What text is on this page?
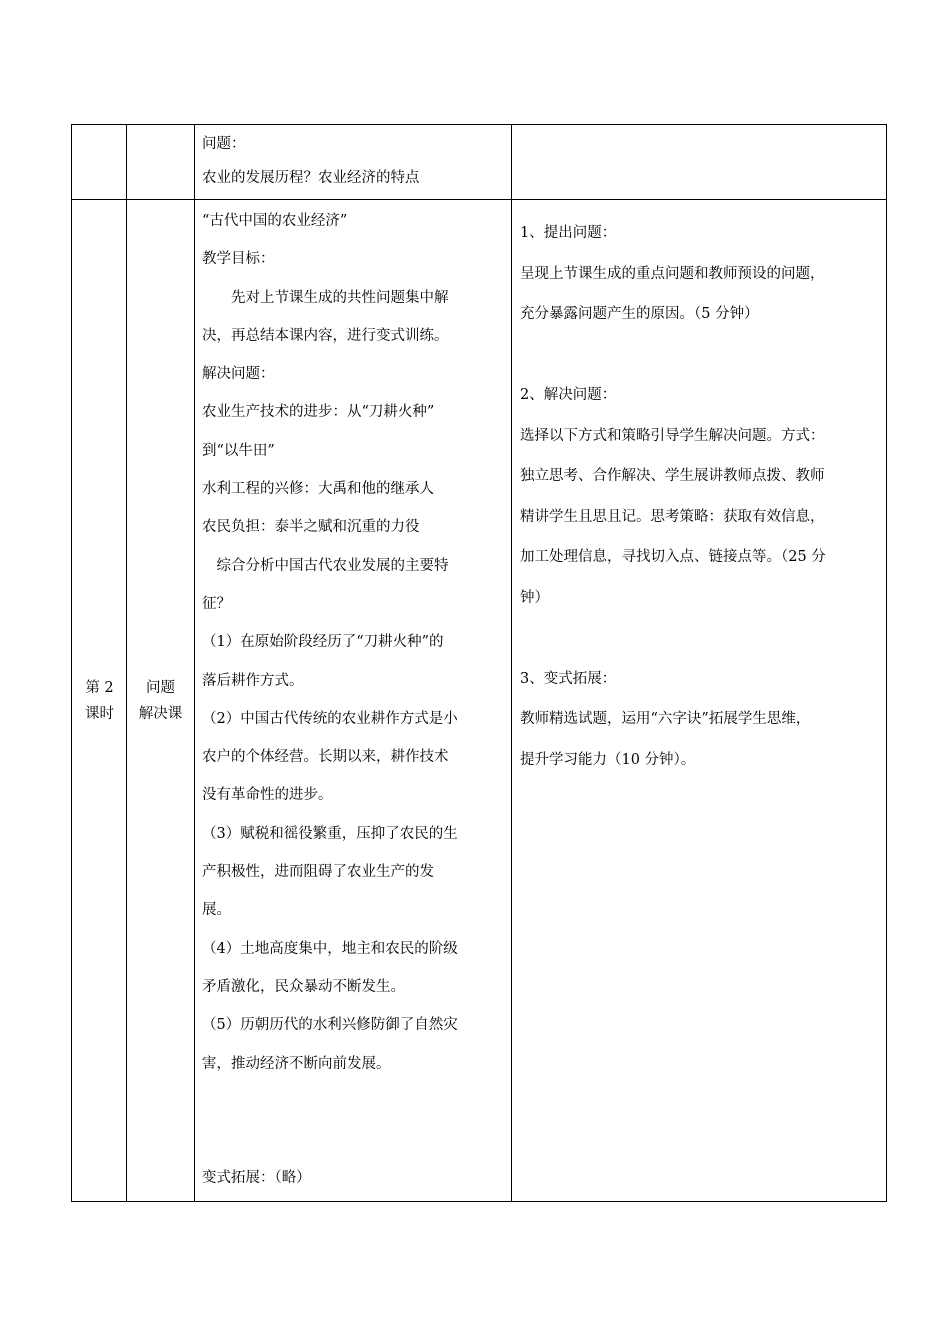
问题：

农业的发展历程？农业经济的特点

第 2
课时
问题
解决课

“古代中国的农业经济”

教学目标：

　　先对上节课生成的共性问题集中解

决，再总结本课内容，进行变式训练。

解决问题：

农业生产技术的进步：从“刀耕火种”

到“以牛田”

水利工程的兴修：大禹和他的继承人

农民负担：泰半之赋和沉重的力役

　综合分析中国古代农业发展的主要特

征？

（1）在原始阶段经历了“刀耕火种”的

落后耕作方式。

（2）中国古代传统的农业耕作方式是小

农户的个体经营。长期以来，耕作技术

没有革命性的进步。

（3）赋税和徭役繁重，压抑了农民的生

产积极性，进而阻碍了农业生产的发

展。

（4）土地高度集中，地主和农民的阶级

矛盾激化，民众暴动不断发生。

（5）历朝历代的水利兴修防御了自然灾

害，推动经济不断向前发展。

变式拓展：（略）

1、提出问题：

呈现上节课生成的重点问题和教师预设的问题，

充分暴露问题产生的原因。（5 分钟）

2、解决问题：

选择以下方式和策略引导学生解决问题。方式：

独立思考、合作解决、学生展讲教师点拨、教师

精讲学生且思且记。思考策略：获取有效信息，

加工处理信息，寻找切入点、链接点等。（25 分

钟）

3、变式拓展：

教师精选试题，运用“六字诀”拓展学生思维，

提升学习能力（10 分钟）。
